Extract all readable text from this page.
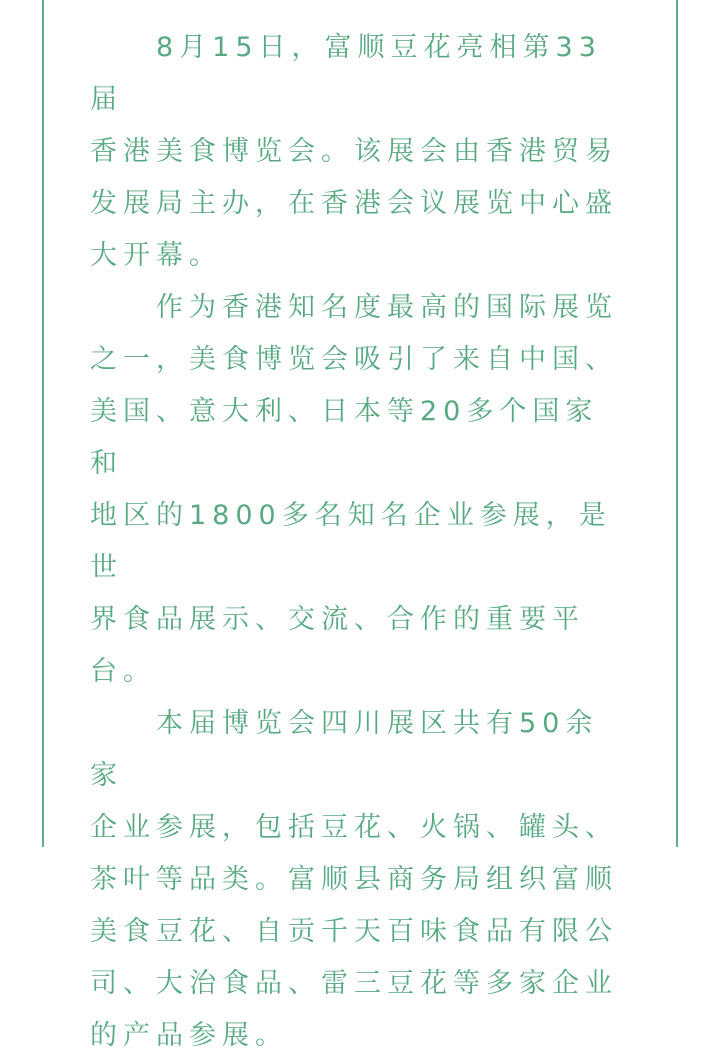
8月15日，富顺豆花亮相第33届
香港美食博览会。该展会由香港贸易
发展局主办，在香港会议展览中心盛
大开幕。

作为香港知名度最高的国际展览
之一，美食博览会吸引了来自中国、
美国、意大利、日本等20多个国家和
地区的1800多名知名企业参展，是世
界食品展示、交流、合作的重要平
台。

本届博览会四川展区共有50余家
企业参展，包括豆花、火锅、罐头、
茶叶等品类。富顺县商务局组织富顺
美食豆花、自贡千天百味食品有限公
司、大治食品、雷三豆花等多家企业
的产品参展。
